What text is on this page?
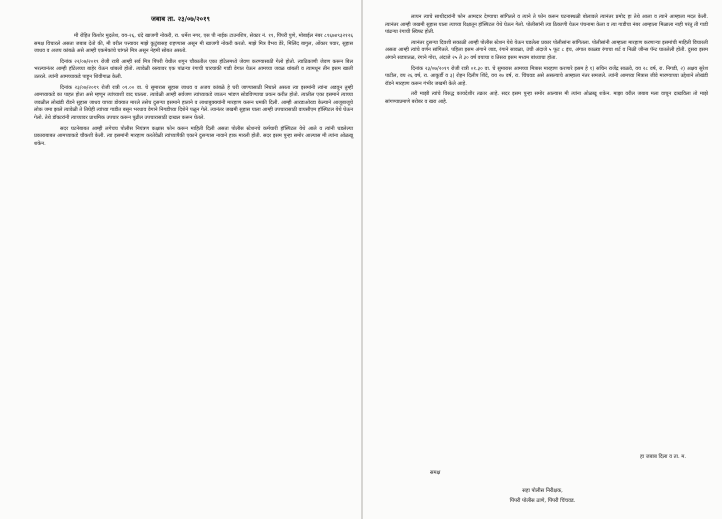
जबाब ता. २३/०७/२०१९

मी रोहित किशोर मुदलेश, वय-२६, धंदे खाजगी नोकरी, रा. धर्मेश नगर, एस पी नाईक टाउनशिप, सेक्टर नं. ११, पिंपरी पुणे, मोबाईल नंबर ८९६७४९३२१२६ समक्ष विचारले असता जबाब देतो की, मी वरील पत्त्यावर माझे कुटुंबासह राहण्यास असून मी खाजगी नोकरी करतो. माझे मित्र वैभव डेरे, मिलिंद बागुल, ओंकार पवार, सुहास जाधव व अजय कांबळे असे आम्ही एकमेकांचे चांगले मित्र असून नेहमी सोबत असतो.

दिनांक २२/०७/२०१९ रोजी रात्री आम्ही सर्व मित्र पिंपरी येथील शगुन चौकातील एका हॉटेलमध्ये जेवण करण्यासाठी गेलो होतो. त्याठिकाणी जेवण करून बिल भरल्यानंतर आम्ही हॉटेलच्या बाहेर येऊन थांबलो होतो. त्यावेळी रस्त्यावर एक पांढऱ्या रंगाची चारचाकी गाडी वेगात येऊन आमच्या जवळ थांबली व त्यामधून तीन इसम खाली उतरले. त्यांनी आमच्याकडे पाहून शिवीगाळ केली.

दिनांक २३/०७/२०१९ रोजी रात्री ०१.०० वा. चे सुमारास सुहास जाधव व अजय कांबळे हे घरी जाण्यासाठी निघाले असता त्या इसमांनी त्यांना अडवून तुम्ही आमच्याकडे का पाहत होता असे म्हणून त्यांच्याशी वाद घातला. त्यावेळी आम्ही सर्वजण त्यांच्याकडे जाऊन भांडण सोडविण्याचा प्रयत्न करीत होतो. त्यातील एका इसमाने त्याच्या जवळील लोखंडी रॉडने सुहास जाधव याच्या डोक्यात मारले तसेच दुसऱ्या इसमाने हाताने व लाथाबुक्क्यांनी मारहाण करून धमकी दिली. आम्ही आरडाओरडा केल्याने आजूबाजूचे लोक जमा झाले त्यावेळी ते तिघेही त्यांच्या गाडीत बसून भरधाव वेगाने निगडीच्या दिशेने पळून गेले. त्यानंतर जखमी सुहास याला आम्ही उपचारासाठी वायसीएम हॉस्पिटल येथे घेऊन गेलो. तेथे डॉक्टरांनी त्याच्यावर प्राथमिक उपचार करून पुढील उपचारासाठी दाखल करून घेतले.

सदर घटनेबाबत आम्ही लगेचच पोलीस नियंत्रण कक्षास फोन करून माहिती दिली असता पोलीस स्टेशनचे कर्मचारी हॉस्पिटल येथे आले व त्यांनी घडलेल्या प्रकाराबाबत आमच्याकडे चौकशी केली. त्या इसमांनी मारहाण करतेवेळी त्यांच्यापैकी एकाने दुसऱ्यास नावाने हाक मारली होती. सदर इसम पुन्हा समोर आल्यास मी त्यांना ओळखू शकेन.

लायन त्याचे साथीदारांनी फोन आमदार देण्याचा सांगितले व त्याने ते फोन करून घटनास्थळी बोलावले त्यानंतर प्रमोद हा तेथे आला व त्याने आम्हाला मदत केली. त्यानंतर आम्ही जखमी सुहास याला त्याच्या रिक्षातून हॉस्पिटल येथे घेऊन गेलो. पोलीसांनी त्या ठिकाणी येऊन पंचनामा केला व त्या गाडीचा नंबर आम्हाला मिळाला नाही परंतु ती गाडी पांढऱ्या रंगाची स्विफ्ट होती.

त्यानंतर दुसऱ्या दिवशी सकाळी आम्ही पोलीस स्टेशन येथे येऊन घडलेला प्रकार पोलीसांना सांगितला. पोलीसांनी आम्हाला मारहाण करणाऱ्या इसमांची माहिती विचारली असता आम्ही त्यांचे वर्णन सांगितले. पहिला इसम अंगाने जाड, रंगाने सावळा, उंची अंदाजे ५ फूट ८ इंच, अंगात काळ्या रंगाचा शर्ट व निळी जीन्स पॅन्ट घातलेली होती. दुसरा इसम अंगाने सडपातळ, रंगाने गोरा, अंदाजे २५ ते ३० वर्ष वयाचा व तिसरा इसम मध्यम बांध्याचा होता.

दिनांक २३/०७/२०१९ रोजी रात्री ०१.३० वा. चे सुमारास आमच्या मित्रास मारहाण करणारे इसम हे १) सचिन राजेंद्र साळवे, वय २८ वर्ष, रा. निगडी, २) अक्षय सुरेश पाटील, वय २६ वर्ष, रा. आकुर्डी व ३) रोहन दिलीप शिंदे, वय २७ वर्ष, रा. चिंचवड असे असल्याचे आम्हाला नंतर समजले. त्यांनी आमच्या मित्रास जीवे मारण्याच्या उद्देशाने लोखंडी रॉडने मारहाण करून गंभीर जखमी केले आहे.

तरी माझी त्यांचे विरुद्ध कायदेशीर तक्रार आहे. सदर इसम पुन्हा समोर आल्यास मी त्यांना ओळखू शकेन. माझा वरील जबाब मला वाचून दाखविला तो माझे सांगण्याप्रमाणे बरोबर व खरा आहे.

हा जबाब दिला व ता. म.
समक्ष
सहा पोलीस निरीक्षक,
पिंपरी पोलीस ठाणे, पिंपरी चिंचवड.
